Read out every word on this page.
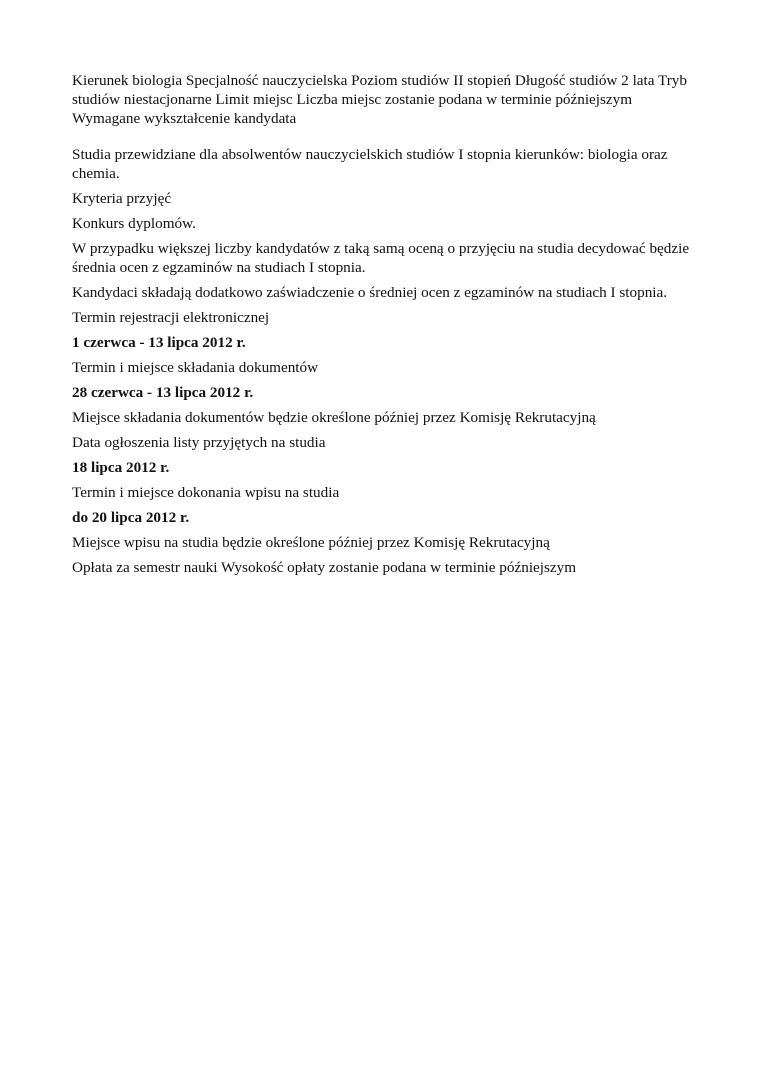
Kierunek biologia Specjalność nauczycielska Poziom studiów II stopień Długość studiów 2 lata Tryb studiów niestacjonarne Limit miejsc Liczba miejsc zostanie podana w terminie późniejszym Wymagane wykształcenie kandydata

Studia przewidziane dla absolwentów nauczycielskich studiów I stopnia kierunków: biologia oraz chemia.

Kryteria przyjęć

Konkurs dyplomów.

W przypadku większej liczby kandydatów z taką samą oceną o przyjęciu na studia decydować będzie średnia ocen z egzaminów na studiach I stopnia.

Kandydaci składają dodatkowo zaświadczenie o średniej ocen z egzaminów na studiach I stopnia.

Termin rejestracji elektronicznej

1 czerwca - 13 lipca 2012 r.

Termin i miejsce składania dokumentów

28 czerwca - 13 lipca 2012 r.

Miejsce składania dokumentów będzie określone później przez Komisję Rekrutacyjną

Data ogłoszenia listy przyjętych na studia

18 lipca 2012 r.

Termin i miejsce dokonania wpisu na studia

do 20 lipca 2012 r.

Miejsce wpisu na studia będzie określone później przez Komisję Rekrutacyjną

Opłata za semestr nauki Wysokość opłaty zostanie podana w terminie późniejszym
